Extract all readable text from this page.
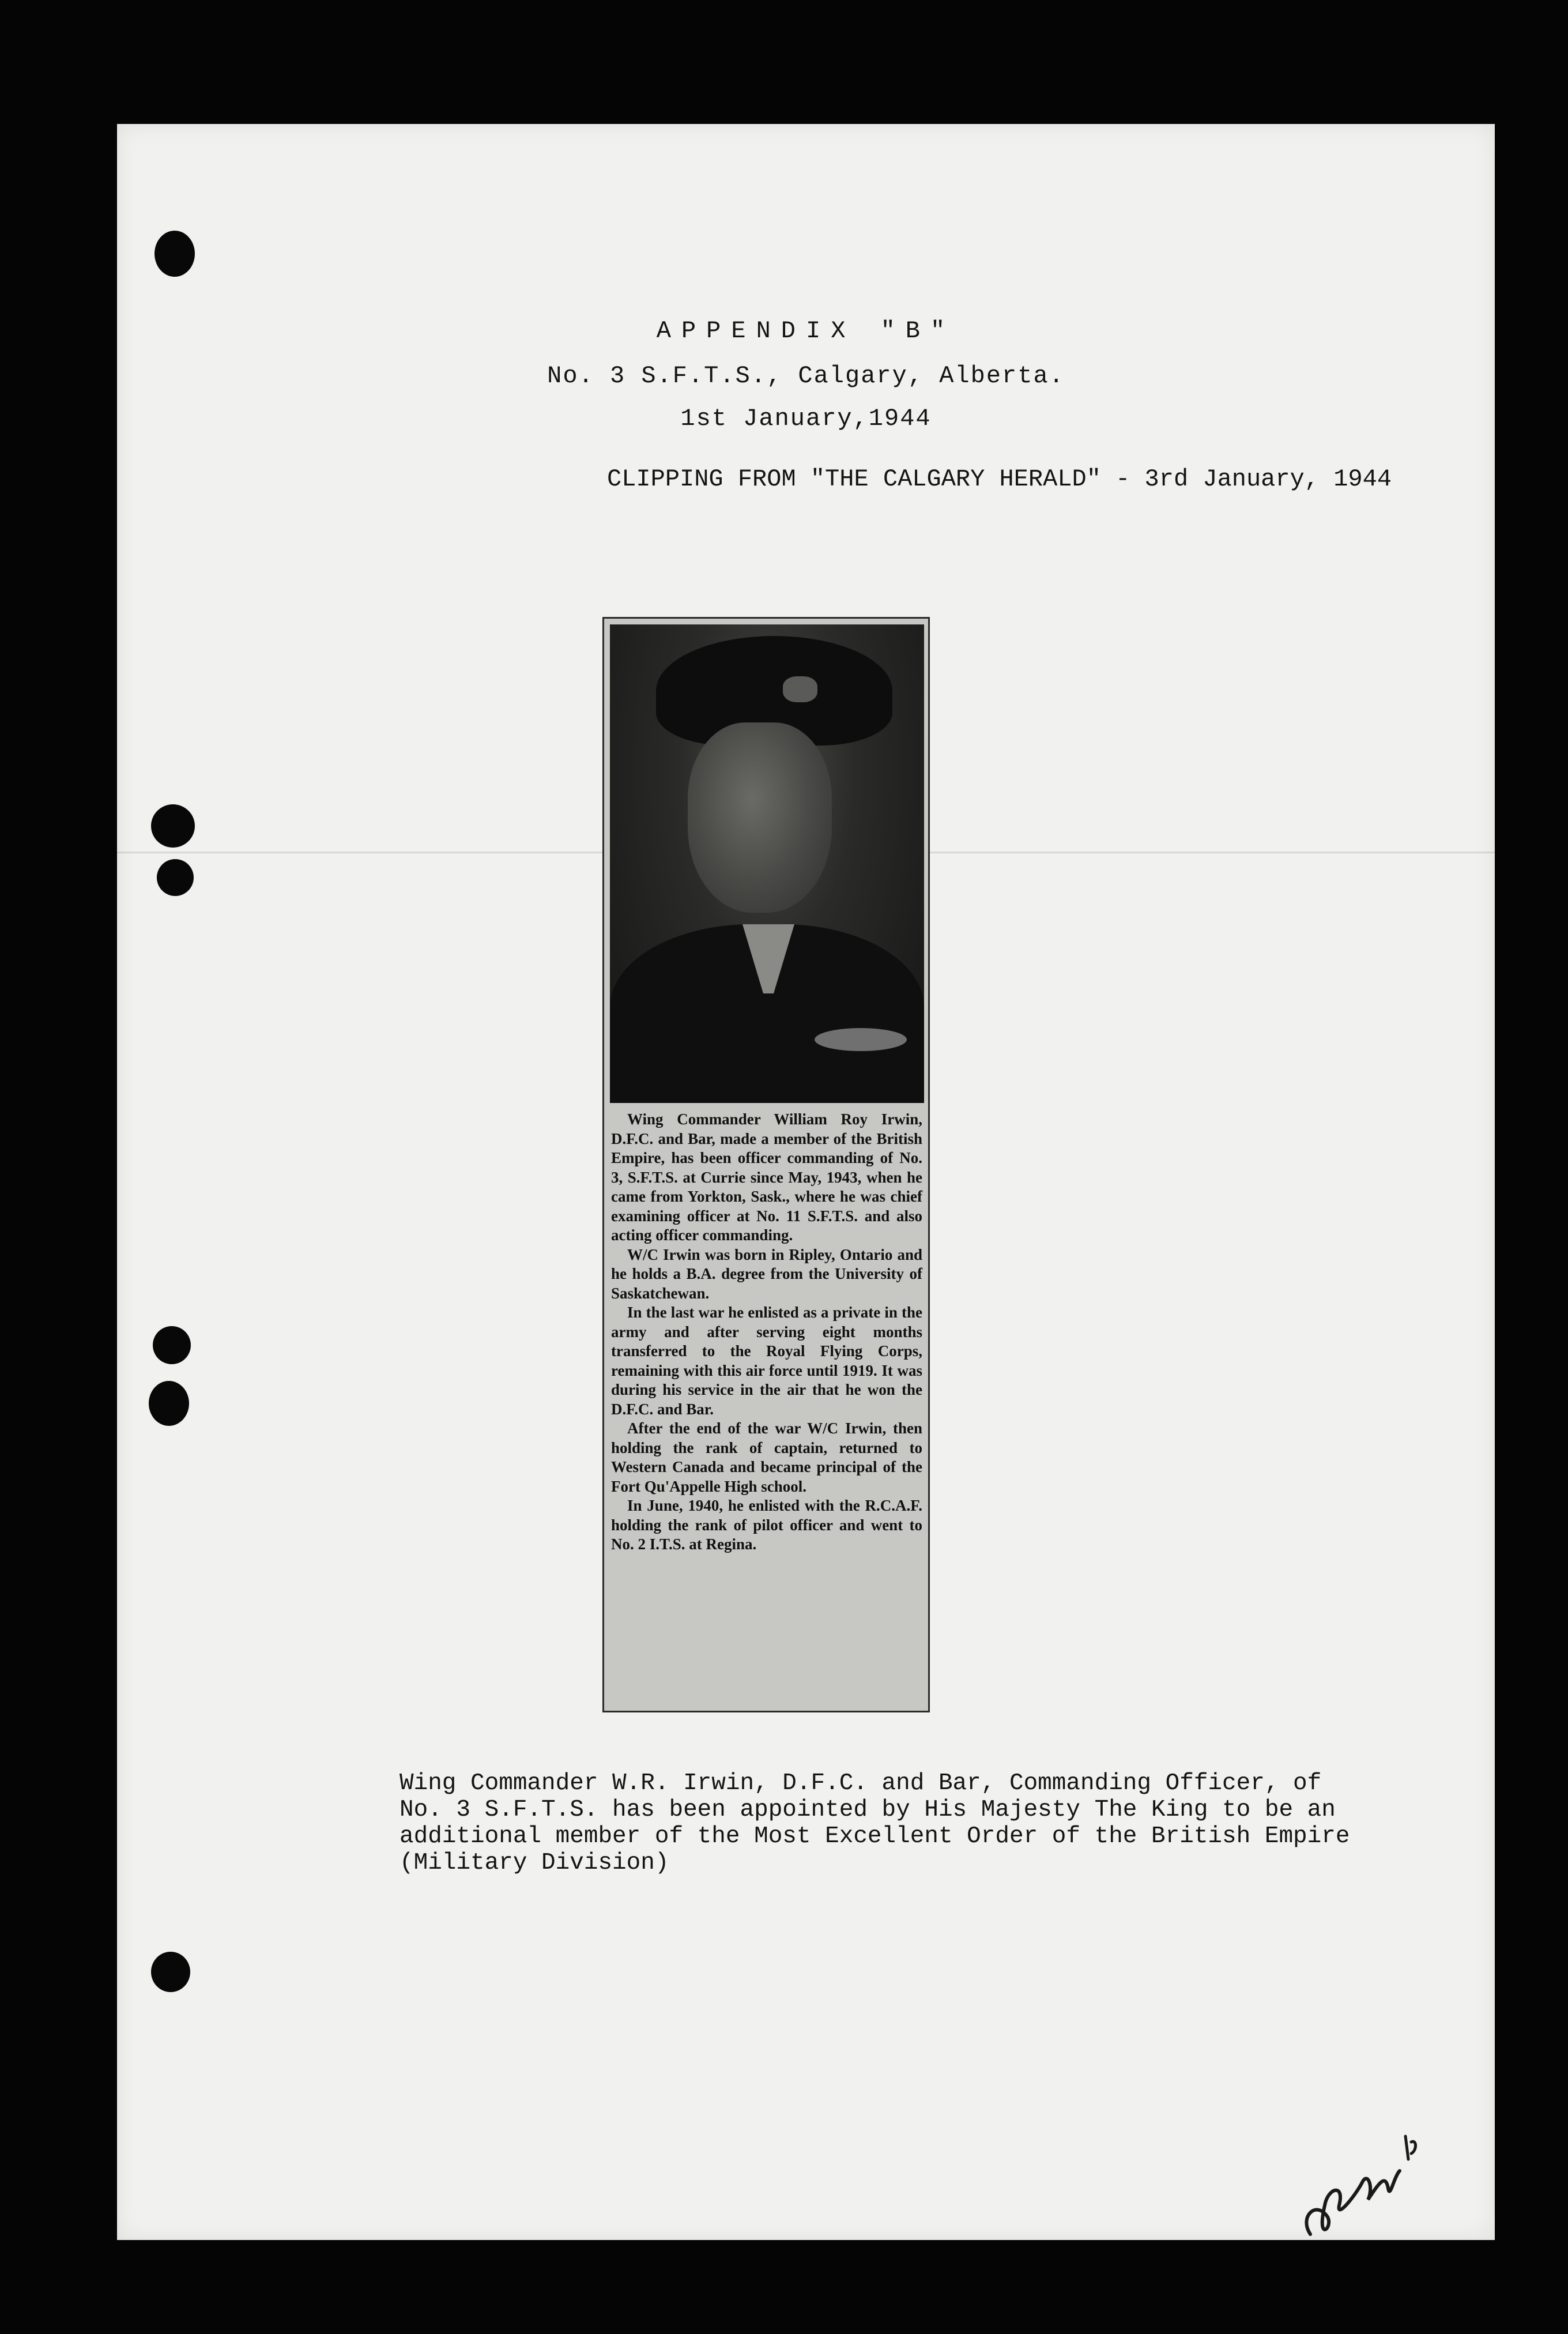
APPENDIX "B"
No. 3 S.F.T.S., Calgary, Alberta.
1st January,1944
CLIPPING FROM "THE CALGARY HERALD" - 3rd January, 1944

Wing Commander William Roy Irwin, D.F.C. and Bar, made a member of the British Empire, has been officer commanding of No. 3, S.F.T.S. at Currie since May, 1943, when he came from Yorkton, Sask., where he was chief examining officer at No. 11 S.F.T.S. and also acting officer commanding.

W/C Irwin was born in Ripley, Ontario and he holds a B.A. degree from the University of Saskatchewan.

In the last war he enlisted as a private in the army and after serving eight months transferred to the Royal Flying Corps, remaining with this air force until 1919. It was during his service in the air that he won the D.F.C. and Bar.

After the end of the war W/C Irwin, then holding the rank of captain, returned to Western Canada and became principal of the Fort Qu'Appelle High school.

In June, 1940, he enlisted with the R.C.A.F. holding the rank of pilot officer and went to No. 2 I.T.S. at Regina.

Wing Commander W.R. Irwin, D.F.C. and Bar, Commanding Officer, of
No. 3 S.F.T.S. has been appointed by His Majesty The King to be an
additional member of the Most Excellent Order of the British Empire
(Military Division)
